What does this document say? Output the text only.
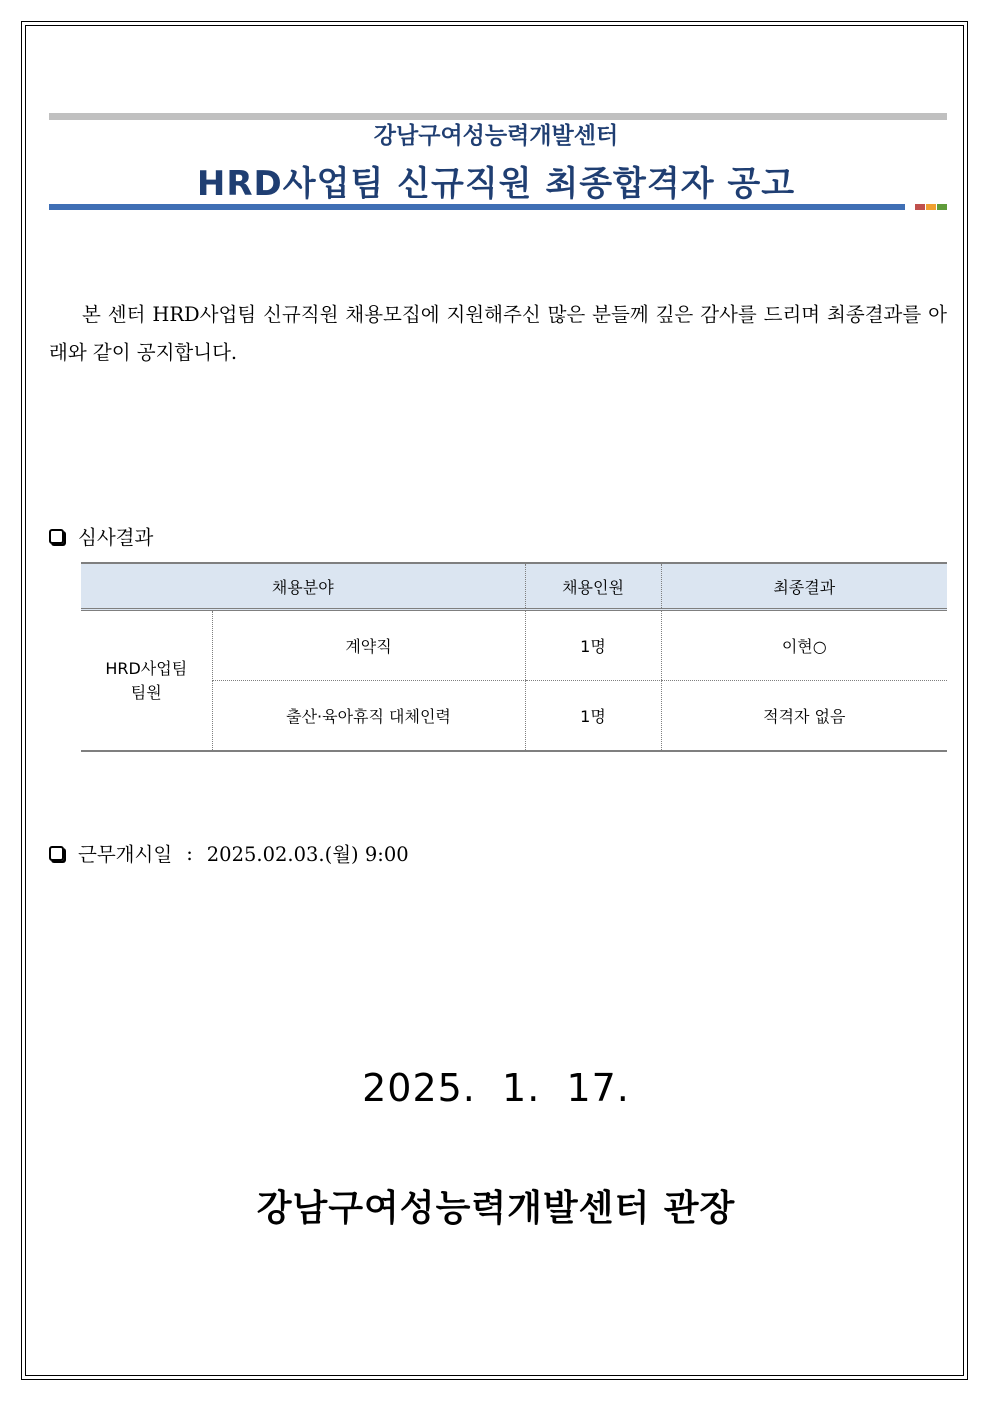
강남구여성능력개발센터
HRD사업팀 신규직원 최종합격자 공고
본 센터 HRD사업팀 신규직원 채용모집에 지원해주신 많은 분들께 깊은 감사를 드리며 최종결과를 아래와 같이 공지합니다.
심사결과
채용분야		채용인원	최종결과

HRD사업팀
팀원	계약직	1명	이현○
	출산·육아휴직 대체인력	1명	적격자 없음
근무개시일 : 2025.02.03.(월) 9:00
2025.  1.  17.
강남구여성능력개발센터 관장
